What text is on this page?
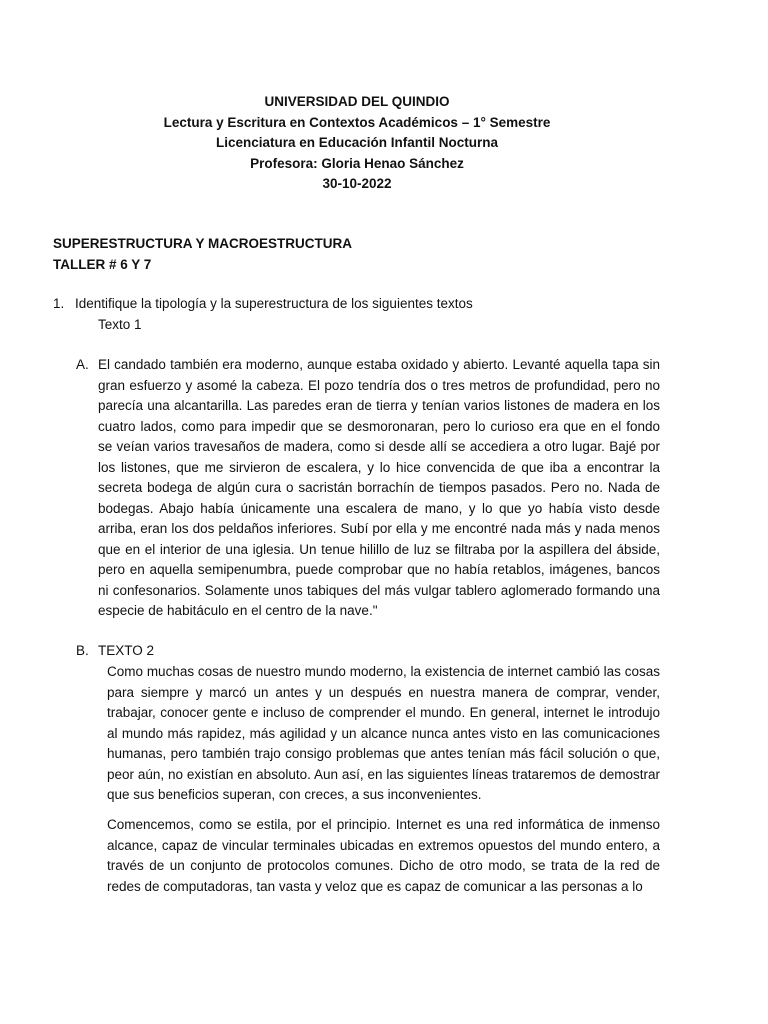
UNIVERSIDAD DEL QUINDIO
Lectura y Escritura en Contextos Académicos – 1° Semestre
Licenciatura en Educación Infantil Nocturna
Profesora: Gloria Henao Sánchez
30-10-2022
SUPERESTRUCTURA Y MACROESTRUCTURA
TALLER # 6 Y 7
1. Identifique la tipología y la superestructura de los siguientes textos
Texto 1
A. El candado también era moderno, aunque estaba oxidado y abierto. Levanté aquella tapa sin gran esfuerzo y asomé la cabeza. El pozo tendría dos o tres metros de profundidad, pero no parecía una alcantarilla. Las paredes eran de tierra y tenían varios listones de madera en los cuatro lados, como para impedir que se desmoronaran, pero lo curioso era que en el fondo se veían varios travesaños de madera, como si desde allí se accediera a otro lugar. Bajé por los listones, que me sirvieron de escalera, y lo hice convencida de que iba a encontrar la secreta bodega de algún cura o sacristán borrachín de tiempos pasados. Pero no. Nada de bodegas. Abajo había únicamente una escalera de mano, y lo que yo había visto desde arriba, eran los dos peldaños inferiores. Subí por ella y me encontré nada más y nada menos que en el interior de una iglesia. Un tenue hilillo de luz se filtraba por la aspillera del ábside, pero en aquella semipenumbra, puede comprobar que no había retablos, imágenes, bancos ni confesonarios. Solamente unos tabiques del más vulgar tablero aglomerado formando una especie de habitáculo en el centro de la nave."
B. TEXTO 2
Como muchas cosas de nuestro mundo moderno, la existencia de internet cambió las cosas para siempre y marcó un antes y un después en nuestra manera de comprar, vender, trabajar, conocer gente e incluso de comprender el mundo. En general, internet le introdujo al mundo más rapidez, más agilidad y un alcance nunca antes visto en las comunicaciones humanas, pero también trajo consigo problemas que antes tenían más fácil solución o que, peor aún, no existían en absoluto. Aun así, en las siguientes líneas trataremos de demostrar que sus beneficios superan, con creces, a sus inconvenientes.
Comencemos, como se estila, por el principio. Internet es una red informática de inmenso alcance, capaz de vincular terminales ubicadas en extremos opuestos del mundo entero, a través de un conjunto de protocolos comunes. Dicho de otro modo, se trata de la red de redes de computadoras, tan vasta y veloz que es capaz de comunicar a las personas a lo
